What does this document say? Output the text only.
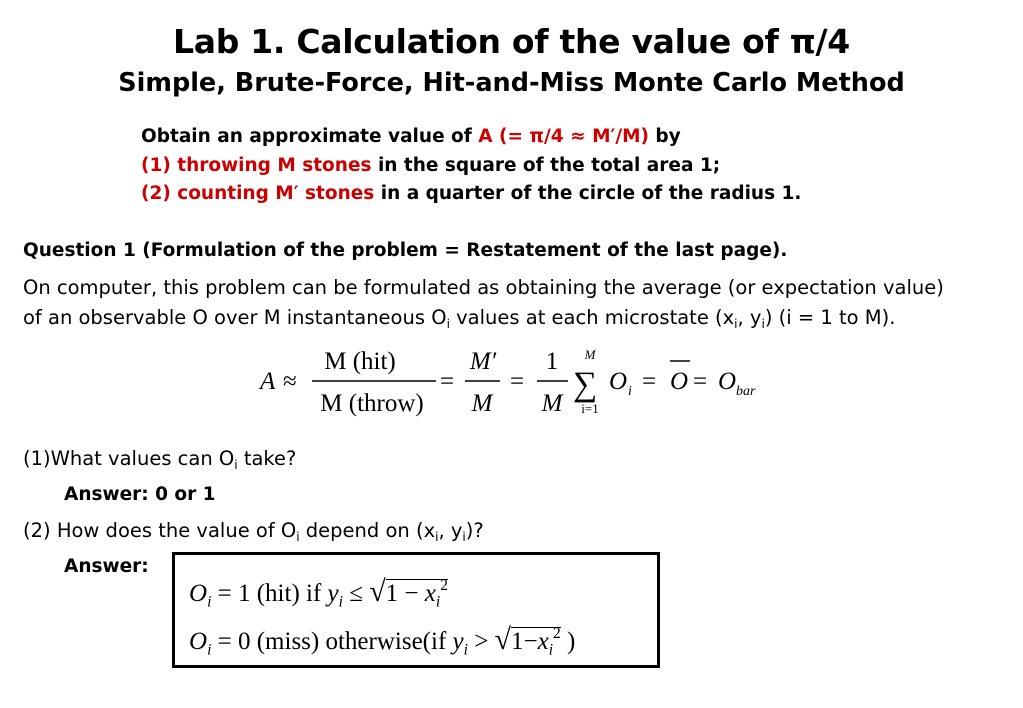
Lab 1. Calculation of the value of π/4
Simple, Brute-Force, Hit-and-Miss Monte Carlo Method
Obtain an approximate value of A (= π/4 ≈ M′/M) by
(1) throwing M stones in the square of the total area 1;
(2) counting M′ stones in a quarter of the circle of the radius 1.
Question 1 (Formulation of the problem = Restatement of the last page).
On computer, this problem can be formulated as obtaining the average (or expectation value)
of an observable O over M instantaneous $O_i$ values at each microstate ($x_i$, $y_i$) (i = 1 to M).
A ≈
M (hit)
M (throw)
=
M′
M
=
1
M
M
∑
i=1
O i = O = O bar
(1)What values can $O_i$ take?
Answer: 0 or 1
(2) How does the value of $O_i$ depend on ($x_i$, $y_i$)?
Answer:
$O_i = 1$ (hit) if $y_i \le √1 - x_i^2$
$O_i = 0$ (miss) otherwise(if $y_i > √1-x_i^2$ )
